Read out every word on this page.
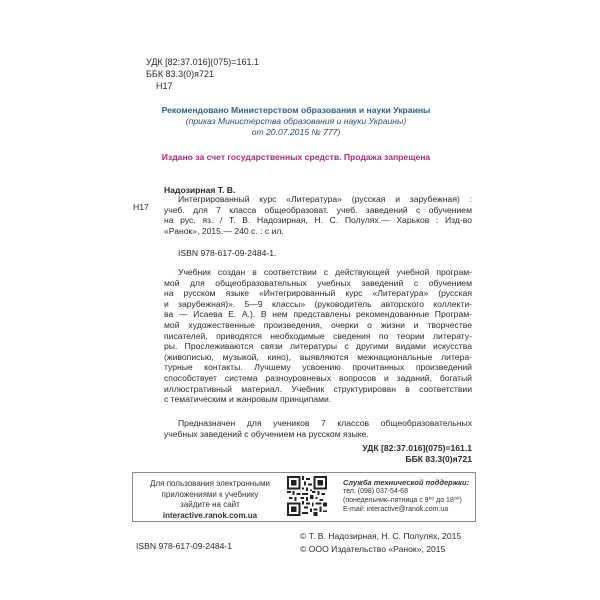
УДК [82:37.016](075)=161.1
ББК 83.3(0)я721
Н17
Рекомендовано Министерством образования и науки Украины
(приказ Министерства образования и науки Украины)
от 20.07.2015 № 777)
Издано за счет государственных средств. Продажа запрещена
Надозирная Т. В.
Н17
Интегрированный курс «Литература» (русская и зарубежная) :
учеб. для 7 класса общеобразоват. учеб. заведений с обучением
на рус. яз. / Т. В. Надозирная, Н. С. Полулях.— Харьков : Изд-во
«Ранок», 2015.— 240 с. : с ил.
ISBN 978-617-09-2484-1.
Учебник создан в соответствии с действующей учебной програм-
мой для общеобразовательных учебных заведений с обучением
на русском языке «Интегрированный курс «Литература» (русская
и зарубежная)». 5—9 классы» (руководитель авторского коллекти-
ва — Исаева Е. А.). В нем представлены рекомендованные Програм-
мой художественные произведения, очерки о жизни и творчестве
писателей, приводятся необходимые сведения по теории литерату-
ры. Прослеживаются связи литературы с другими видами искусства
(живописью, музыкой, кино), выявляются межнациональные литера-
турные контакты. Лучшему усвоению прочитанных произведений
способствует система разноуровневых вопросов и заданий, богатый
иллюстративный материал. Учебник структурирован в соответствии
с тематическим и жанровым принципами.
Предназначен для учеников 7 классов общеобразовательных
учебных заведений с обучением на русском языке.
УДК [82:37.016](075)=161.1
ББК 83.3(0)я721
Для пользования электронными
приложениями к учебнику
зайдите на сайт
interactive.ranok.com.ua
Служба технической поддержки:
тел. (098) 037-54-68
(понедельник–пятница с 9⁰⁰ до 18⁰⁰)
E-mail: interactive@ranok.com.ua
ISBN 978-617-09-2484-1
© Т. В. Надозирная, Н. С. Полулях, 2015
© ООО Издательство «Ранок», 2015
